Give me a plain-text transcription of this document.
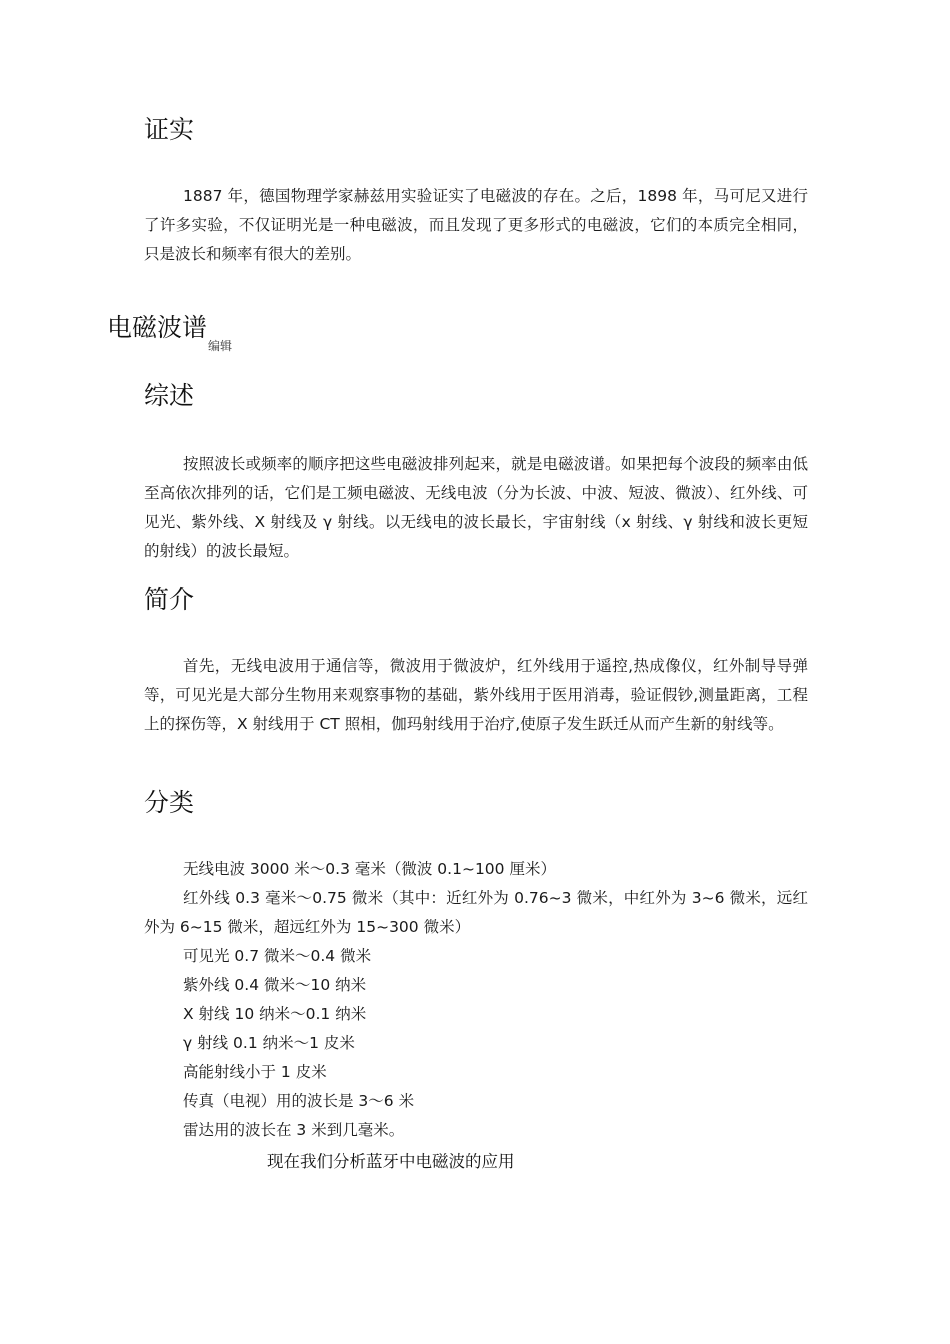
证实

1887 年，德国物理学家赫兹用实验证实了电磁波的存在。之后，1898 年，马可尼又进行了许多实验，不仅证明光是一种电磁波，而且发现了更多形式的电磁波，它们的本质完全相同，只是波长和频率有很大的差别。

电磁波谱$_{编辑}$
综述

按照波长或频率的顺序把这些电磁波排列起来，就是电磁波谱。如果把每个波段的频率由低至高依次排列的话，它们是工频电磁波、无线电波（分为长波、中波、短波、微波）、红外线、可见光、紫外线、X 射线及 γ 射线。以无线电的波长最长，宇宙射线（x 射线、γ 射线和波长更短的射线）的波长最短。

简介

首先，无线电波用于通信等，微波用于微波炉，红外线用于遥控,热成像仪，红外制导导弹等，可见光是大部分生物用来观察事物的基础，紫外线用于医用消毒，验证假钞,测量距离，工程上的探伤等，X 射线用于 CT 照相，伽玛射线用于治疗,使原子发生跃迁从而产生新的射线等。

分类
无线电波 3000 米～0.3 毫米（微波 0.1~100 厘米）
红外线 0.3 毫米～0.75 微米（其中：近红外为 0.76~3 微米，中红外为 3~6 微米，远红外为 6~15 微米，超远红外为 15~300 微米）
可见光 0.7 微米～0.4 微米
紫外线 0.4 微米～10 纳米
X 射线 10 纳米～0.1 纳米
γ 射线 0.1 纳米～1 皮米
高能射线小于 1 皮米
传真（电视）用的波长是 3～6 米
雷达用的波长在 3 米到几毫米。

现在我们分析蓝牙中电磁波的应用
